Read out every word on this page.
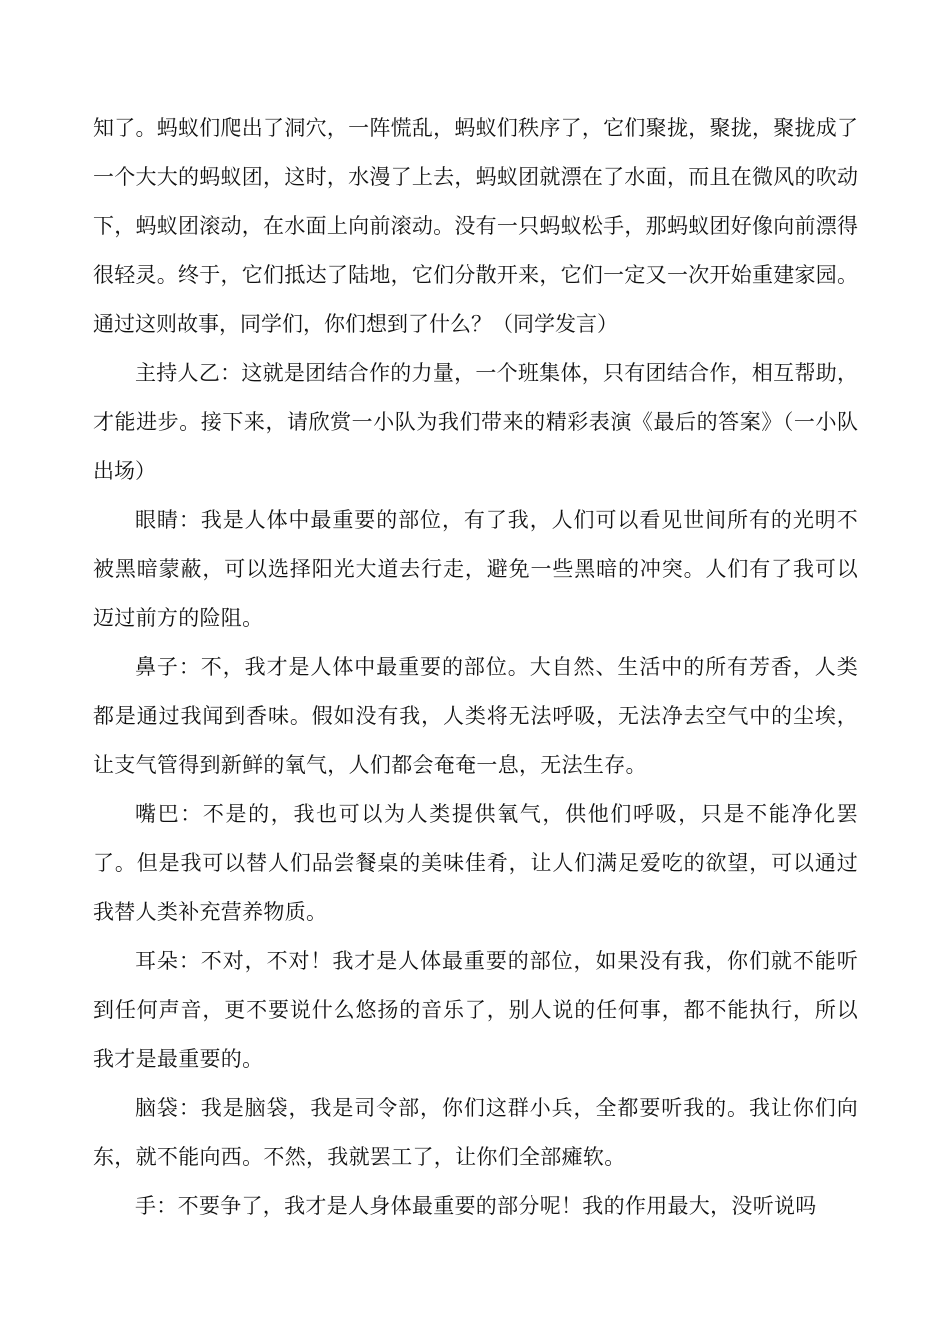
知了。蚂蚁们爬出了洞穴，一阵慌乱，蚂蚁们秩序了，它们聚拢，聚拢，聚拢成了一个大大的蚂蚁团，这时，水漫了上去，蚂蚁团就漂在了水面，而且在微风的吹动下，蚂蚁团滚动，在水面上向前滚动。没有一只蚂蚁松手，那蚂蚁团好像向前漂得很轻灵。终于，它们抵达了陆地，它们分散开来，它们一定又一次开始重建家园。通过这则故事，同学们，你们想到了什么？（同学发言）

主持人乙：这就是团结合作的力量，一个班集体，只有团结合作，相互帮助，才能进步。接下来，请欣赏一小队为我们带来的精彩表演《最后的答案》（一小队出场）

眼睛：我是人体中最重要的部位，有了我，人们可以看见世间所有的光明不被黑暗蒙蔽，可以选择阳光大道去行走，避免一些黑暗的冲突。人们有了我可以迈过前方的险阻。

鼻子：不，我才是人体中最重要的部位。大自然、生活中的所有芳香，人类都是通过我闻到香味。假如没有我，人类将无法呼吸，无法净去空气中的尘埃，让支气管得到新鲜的氧气，人们都会奄奄一息，无法生存。

嘴巴：不是的，我也可以为人类提供氧气，供他们呼吸，只是不能净化罢了。但是我可以替人们品尝餐桌的美味佳肴，让人们满足爱吃的欲望，可以通过我替人类补充营养物质。

耳朵：不对，不对！我才是人体最重要的部位，如果没有我，你们就不能听到任何声音，更不要说什么悠扬的音乐了，别人说的任何事，都不能执行，所以我才是最重要的。

脑袋：我是脑袋，我是司令部，你们这群小兵，全都要听我的。我让你们向东，就不能向西。不然，我就罢工了，让你们全部瘫软。

手：不要争了，我才是人身体最重要的部分呢！我的作用最大，没听说吗
